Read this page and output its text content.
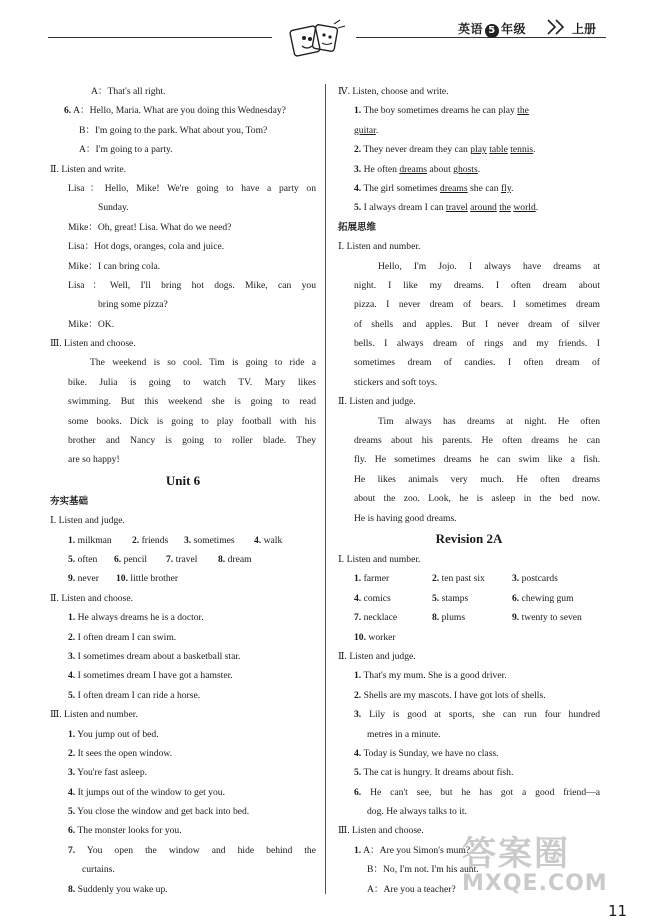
英语 5 年级	上册
A：That's all right.
6. A：Hello, Maria. What are you doing this Wednesday?
B：I'm going to the park. What about you, Tom?
A：I'm going to a party.
Ⅱ. Listen and write.
Lisa：Hello, Mike! We're going to have a party on
Sunday.
Mike：Oh, great! Lisa. What do we need?
Lisa：Hot dogs, oranges, cola and juice.
Mike：I can bring cola.
Lisa：Well, I'll bring hot dogs. Mike, can you
bring some pizza?
Mike：OK.
Ⅲ. Listen and choose.
The weekend is so cool. Tim is going to ride a
bike. Julia is going to watch TV. Mary likes
swimming. But this weekend she is going to read
some books. Dick is going to play football with his
brother and Nancy is going to roller blade. They
are so happy!
Unit 6
夯实基础
Ⅰ. Listen and judge.
1. milkman 2. friends 3. sometimes 4. walk
5. often 6. pencil 7. travel 8. dream
9. never 10. little brother
Ⅱ. Listen and choose.
1. He always dreams he is a doctor.
2. I often dream I can swim.
3. I sometimes dream about a basketball star.
4. I sometimes dream I have got a hamster.
5. I often dream I can ride a horse.
Ⅲ. Listen and number.
1. You jump out of bed.
2. It sees the open window.
3. You're fast asleep.
4. It jumps out of the window to get you.
5. You close the window and get back into bed.
6. The monster looks for you.
7. You open the window and hide behind the
curtains.
8. Suddenly you wake up.
Ⅳ. Listen, choose and write.
1. The boy sometimes dreams he can play the
guitar.
2. They never dream they can play table tennis.
3. He often dreams about ghosts.
4. The girl sometimes dreams she can fly.
5. I always dream I can travel around the world.
拓展思维
Ⅰ. Listen and number.
Hello, I'm Jojo. I always have dreams at
night. I like my dreams. I often dream about
pizza. I never dream of bears. I sometimes dream
of shells and apples. But I never dream of silver
bells. I always dream of rings and my friends. I
sometimes dream of candies. I often dream of
stickers and soft toys.
Ⅱ. Listen and judge.
Tim always has dreams at night. He often
dreams about his parents. He often dreams he can
fly. He sometimes dreams he can swim like a fish.
He likes animals very much. He often dreams
about the zoo. Look, he is asleep in the bed now.
He is having good dreams.
Revision 2A
Ⅰ. Listen and number.
1. farmer	2. ten past six	3. postcards
4. comics	5. stamps	6. chewing gum
7. necklace	8. plums	9. twenty to seven
10. worker
Ⅱ. Listen and judge.
1. That's my mum. She is a good driver.
2. Shells are my mascots. I have got lots of shells.
3. Lily is good at sports, she can run four hundred
metres in a minute.
4. Today is Sunday, we have no class.
5. The cat is hungry. It dreams about fish.
6. He can't see, but he has got a good friend—a
dog. He always talks to it.
Ⅲ. Listen and choose.
1. A：Are you Simon's mum?
B：No, I'm not. I'm his aunt.
A：Are you a teacher?
答案圈
MXQE.COM
11
